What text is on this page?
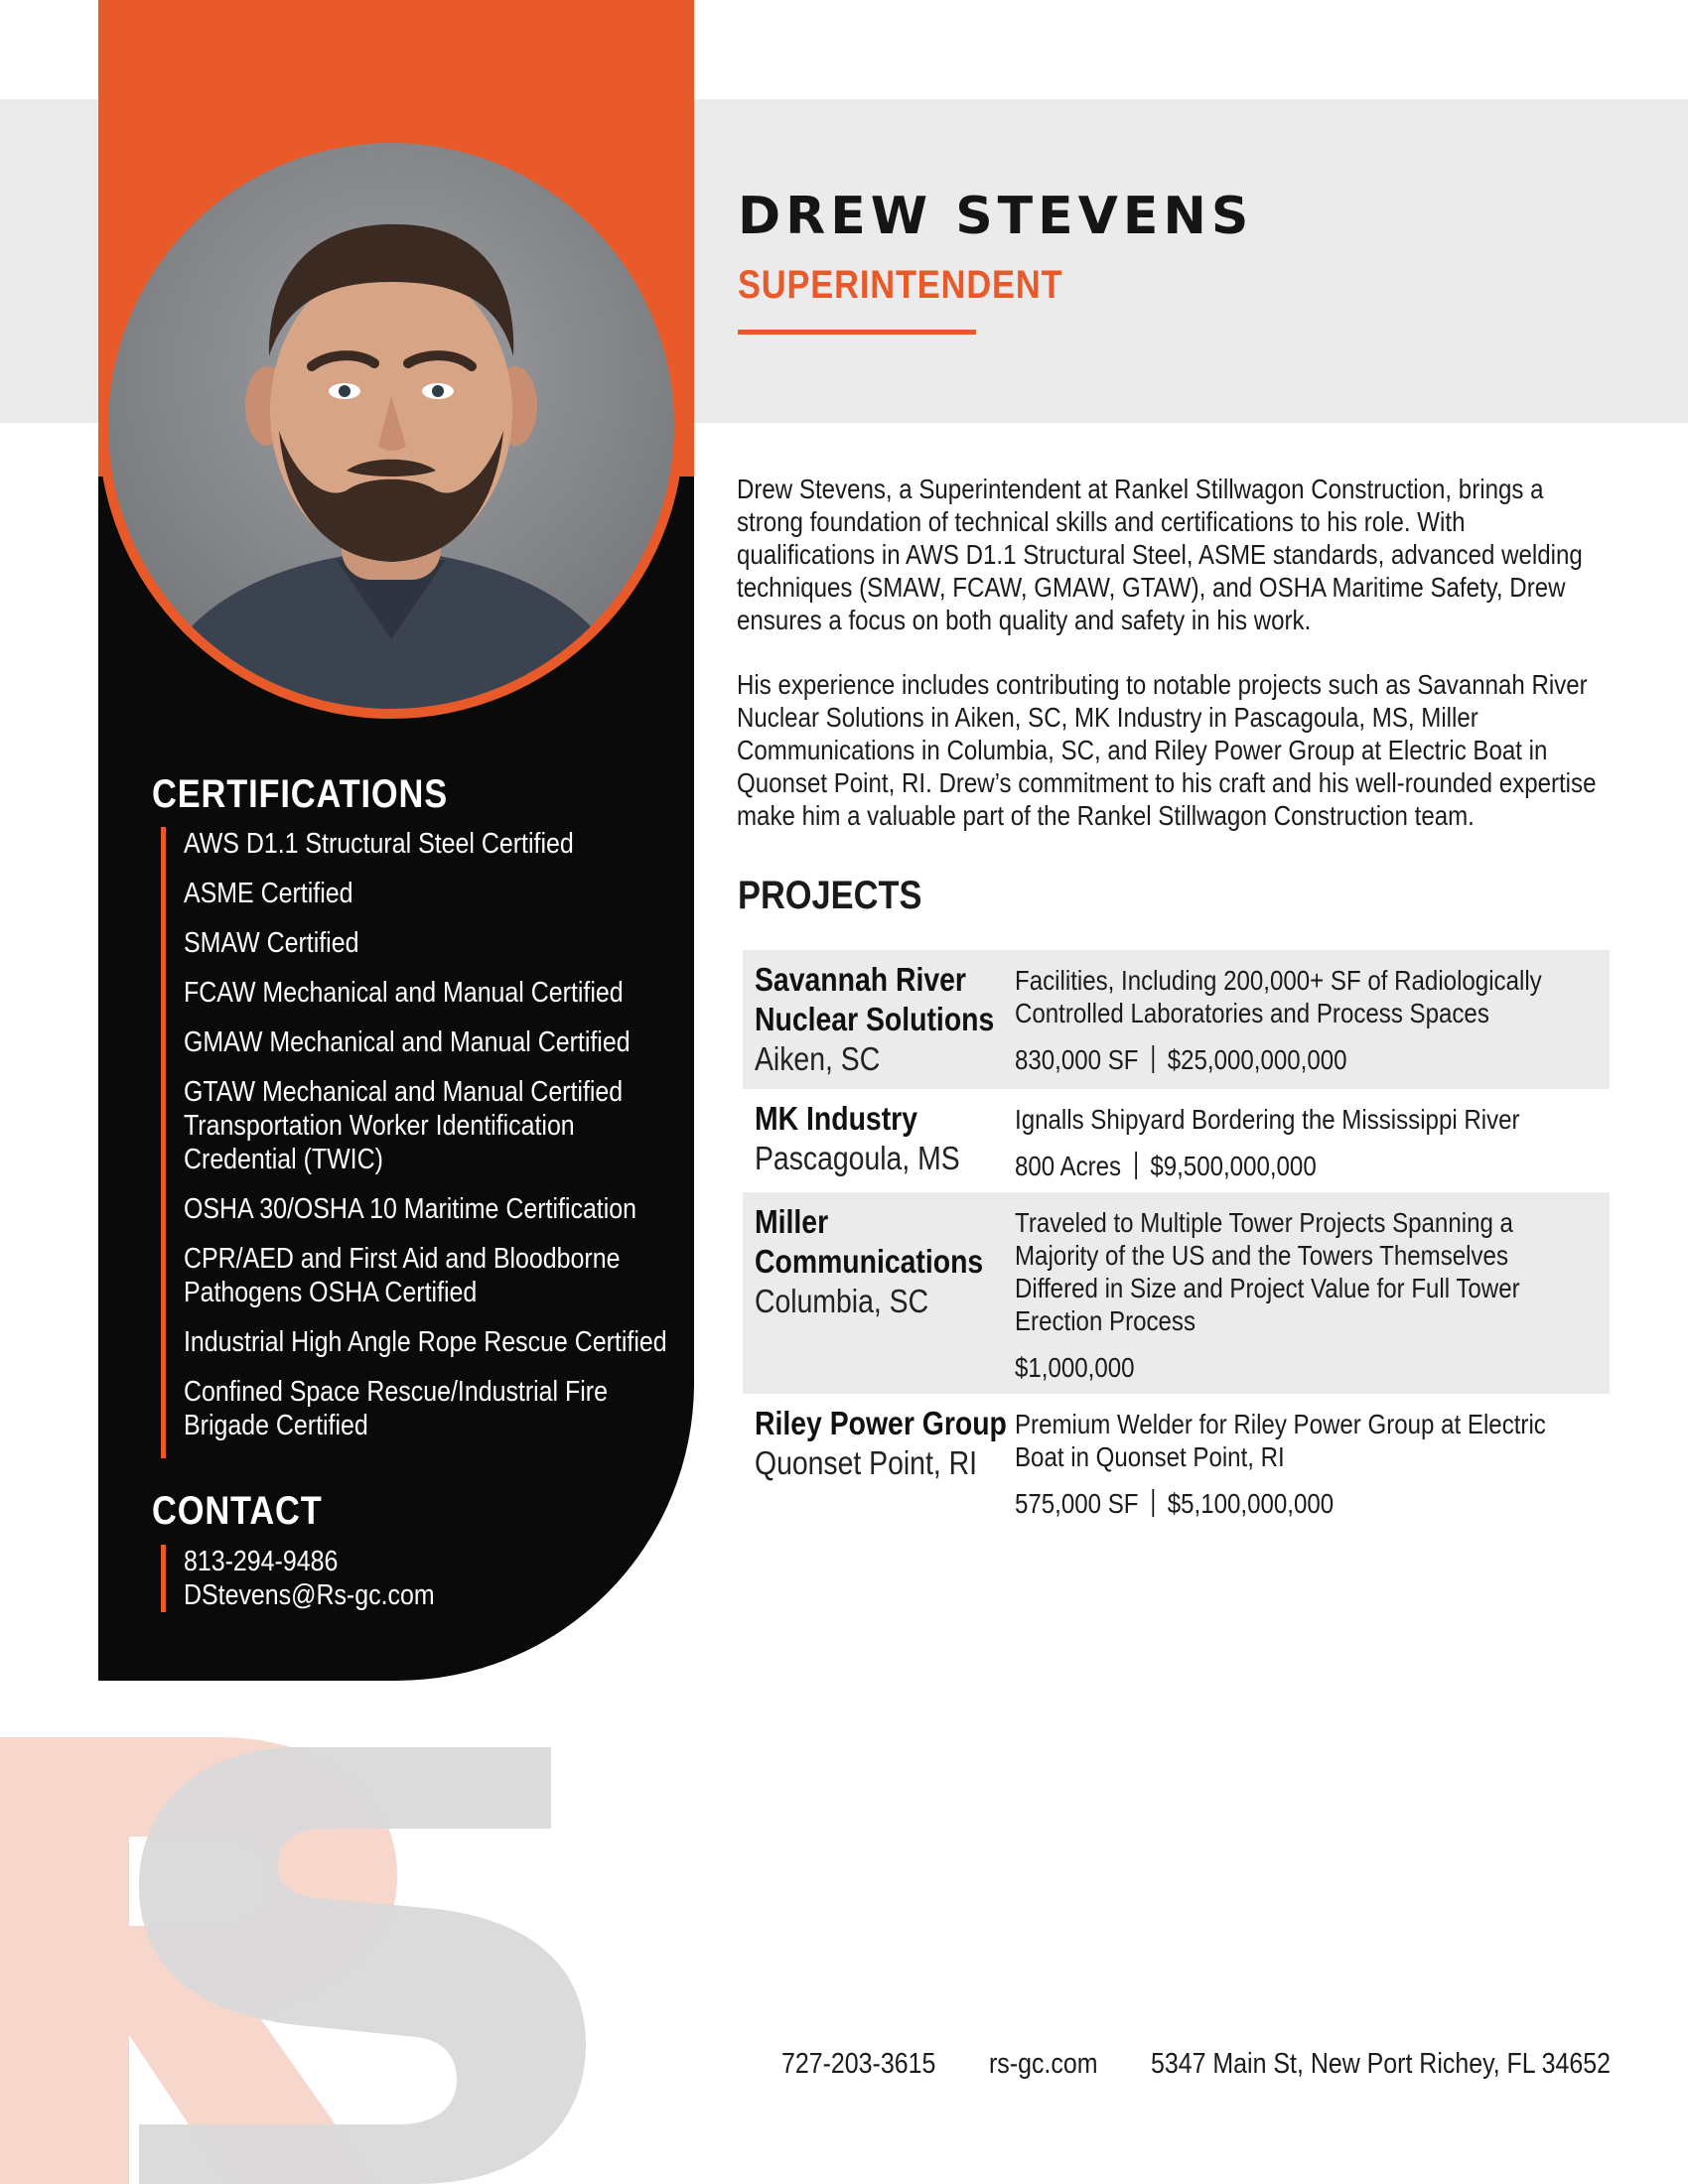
DREW STEVENS
SUPERINTENDENT
CERTIFICATIONS
AWS D1.1 Structural Steel Certified
ASME Certified
SMAW Certified
FCAW Mechanical and Manual Certified
GMAW Mechanical and Manual Certified
GTAW Mechanical and Manual Certified Transportation Worker Identification Credential (TWIC)
OSHA 30/OSHA 10 Maritime Certification
CPR/AED and First Aid and Bloodborne Pathogens OSHA Certified
Industrial High Angle Rope Rescue Certified
Confined Space Rescue/Industrial Fire Brigade Certified
CONTACT
813-294-9486
DStevens@Rs-gc.com

Drew Stevens, a Superintendent at Rankel Stillwagon Construction, brings a strong foundation of technical skills and certifications to his role. With qualifications in AWS D1.1 Structural Steel, ASME standards, advanced welding techniques (SMAW, FCAW, GMAW, GTAW), and OSHA Maritime Safety, Drew ensures a focus on both quality and safety in his work.

His experience includes contributing to notable projects such as Savannah River Nuclear Solutions in Aiken, SC, MK Industry in Pascagoula, MS, Miller Communications in Columbia, SC, and Riley Power Group at Electric Boat in Quonset Point, RI. Drew’s commitment to his craft and his well-rounded expertise make him a valuable part of the Rankel Stillwagon Construction team.

PROJECTS
Savannah River Nuclear Solutions
Aiken, SC
Facilities, Including 200,000+ SF of Radiologically Controlled Laboratories and Process Spaces
830,000 SF $25,000,000,000
MK Industry
Pascagoula, MS
Ignalls Shipyard Bordering the Mississippi River
800 Acres $9,500,000,000
Miller Communications
Columbia, SC
Traveled to Multiple Tower Projects Spanning a Majority of the US and the Towers Themselves Differed in Size and Project Value for Full Tower Erection Process
$1,000,000
Riley Power Group
Quonset Point, RI
Premium Welder for Riley Power Group at Electric Boat in Quonset Point, RI
575,000 SF $5,100,000,000
727-203-3615 rs-gc.com 5347 Main St, New Port Richey, FL 34652
